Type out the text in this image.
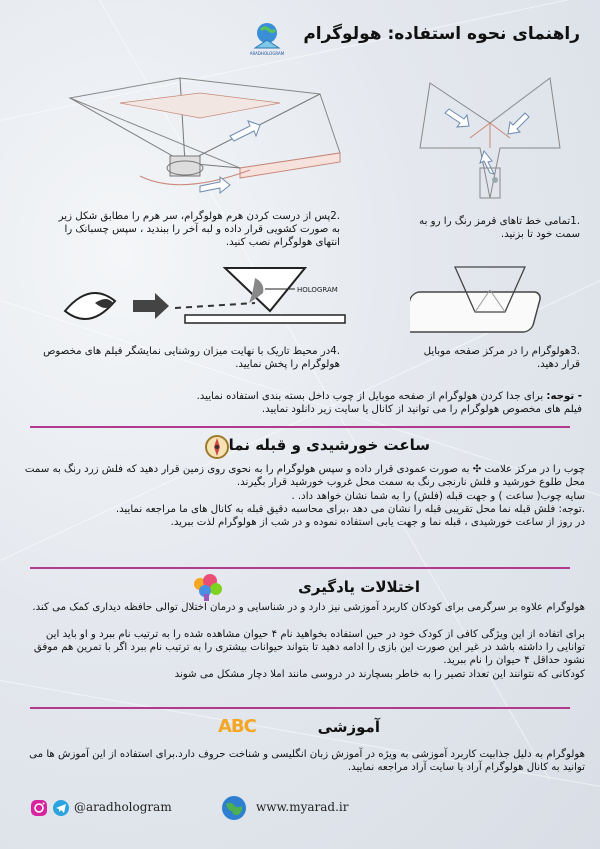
ARADHOLOGRAM
راهنمای نحوه استفاده: هولوگرام
.1تمامی خط تاهای قرمز رنگ را رو به سمت خود تا بزنید.
.2پس از درست کردن هرم هولوگرام، سر هرم را مطابق شکل زیر به صورت کشویی قرار داده و لبه آخر را ببندید ، سپس چسبانک را انتهای هولوگرام نصب کنید.
HOLOGRAM
.3هولوگرام را در مرکز صفحه موبایل قرار دهید.
.4در محیط تاریک با نهایت میزان روشنایی نمایشگر فیلم های مخصوص هولوگرام را پخش نمایید.
- توجه: برای جدا کردن هولوگرام از صفحه موبایل از چوب داخل بسته بندی استفاده نمایید.
فیلم های مخصوص هولوگرام را می توانید از کانال یا سایت زیر دانلود نمایید.
ساعت خورشیدی و قبله نما
چوب را در مرکز علامت ✣ به صورت عمودی قرار داده و سپس هولوگرام را به نحوی روی زمین قرار دهید که فلش زرد رنگ به سمت محل طلوع خورشید و فلش نارنجی رنگ به سمت محل غروب خورشید قرار بگیرند.
سایه چوب( ساعت ) و جهت قبله (فلش) را به شما نشان خواهد داد. .
.توجه: فلش قبله نما محل تقریبی قبله را نشان می دهد ،برای محاسبه دقیق قبله به کانال های ما مراجعه نمایید.
در روز از ساعت خورشیدی ، قبله نما و جهت یابی استفاده نموده و در شب از هولوگرام لذت ببرید.
اختلالات یادگیری
هولوگرام علاوه بر سرگرمی برای کودکان کاربرد آموزشی نیز دارد و در شناسایی و درمان اختلال توالی حافظه دیداری کمک می کند.
برای اتفاده از این ویژگی کافی از کودک خود در حین استفاده بخواهید نام ۴ حیوان مشاهده شده را به ترتیب نام ببرد و او باید این توانایی را داشته باشد در غیر این صورت این بازی را ادامه دهید تا بتواند حیوانات بیشتری را به ترتیب نام ببرد اگر با تمرین هم موفق نشود حداقل ۴ حیوان را نام ببرید.
کودکانی که نتوانند این تعداد تصیر را به خاطر بسچارند در دروسی مانند املا دچار مشکل می شوند
آموزشی
ABC
هولوگرام به دلیل جذابیت کاربرد آموزشی به ویژه در آموزش زبان انگلیسی و شناخت حروف دارد.برای استفاده از این آموزش ها می توانید به کانال هولوگرام آراد یا سایت آراد مراجعه نمایید.
@aradhologram	www.myarad.ir
